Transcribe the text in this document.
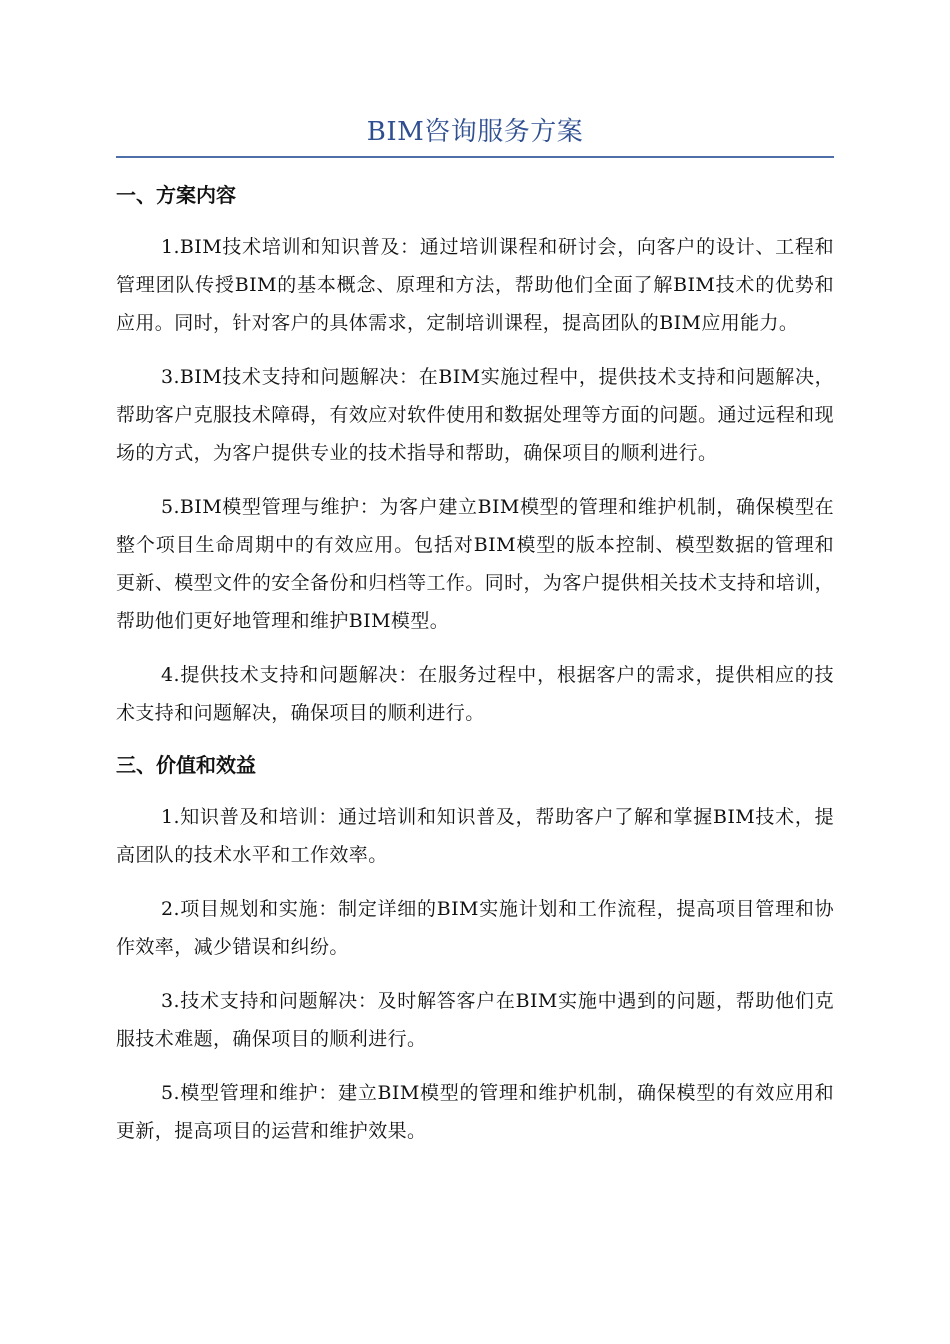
BIM咨询服务方案
一、方案内容

1.BIM技术培训和知识普及：通过培训课程和研讨会，向客户的设计、工程和管理团队传授BIM的基本概念、原理和方法，帮助他们全面了解BIM技术的优势和应用。同时，针对客户的具体需求，定制培训课程，提高团队的BIM应用能力。

3.BIM技术支持和问题解决：在BIM实施过程中，提供技术支持和问题解决，帮助客户克服技术障碍，有效应对软件使用和数据处理等方面的问题。通过远程和现场的方式，为客户提供专业的技术指导和帮助，确保项目的顺利进行。

5.BIM模型管理与维护：为客户建立BIM模型的管理和维护机制，确保模型在整个项目生命周期中的有效应用。包括对BIM模型的版本控制、模型数据的管理和更新、模型文件的安全备份和归档等工作。同时，为客户提供相关技术支持和培训，帮助他们更好地管理和维护BIM模型。

4.提供技术支持和问题解决：在服务过程中，根据客户的需求，提供相应的技术支持和问题解决，确保项目的顺利进行。

三、价值和效益

1.知识普及和培训：通过培训和知识普及，帮助客户了解和掌握BIM技术，提高团队的技术水平和工作效率。

2.项目规划和实施：制定详细的BIM实施计划和工作流程，提高项目管理和协作效率，减少错误和纠纷。

3.技术支持和问题解决：及时解答客户在BIM实施中遇到的问题，帮助他们克服技术难题，确保项目的顺利进行。

5.模型管理和维护：建立BIM模型的管理和维护机制，确保模型的有效应用和更新，提高项目的运营和维护效果。
